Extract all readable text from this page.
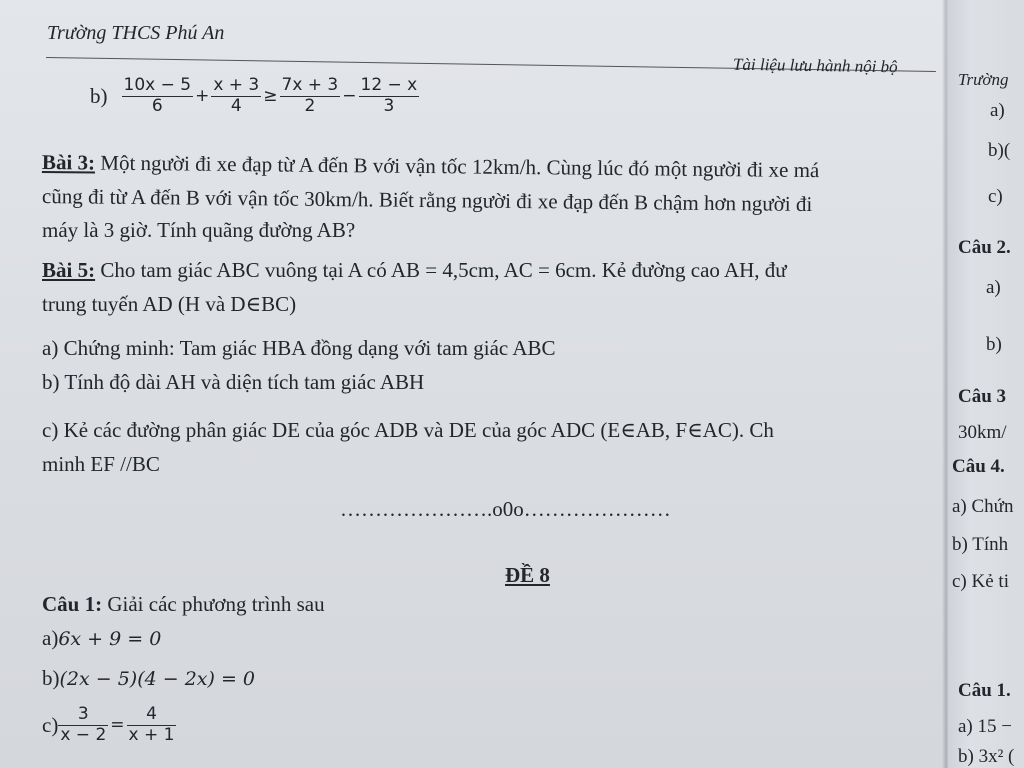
Trường THCS Phú An
Tài liệu lưu hành nội bộ
$b) \frac{10x - 5}{6} + \frac{x + 3}{4} \ge \frac{7x + 3}{2} - \frac{12 - x}{3}$
Bài 3: Một người đi xe đạp từ A đến B với vận tốc 12km/h. Cùng lúc đó một người đi xe má
cũng đi từ A đến B với vận tốc 30km/h. Biết rằng người đi xe đạp đến B chậm hơn người đi
máy là 3 giờ. Tính quãng đường AB?
Bài 5: Cho tam giác ABC vuông tại A có AB = 4,5cm, AC = 6cm. Kẻ đường cao AH, đư
trung tuyến AD (H và D∈BC)
a) Chứng minh: Tam giác HBA đồng dạng với tam giác ABC
b) Tính độ dài AH và diện tích tam giác ABH
c) Kẻ các đường phân giác DE của góc ADB và DE của góc ADC (E∈AB, F∈AC). Ch
minh EF //BC
………………….o0o…………………
ĐỀ 8
Câu 1: Giải các phương trình sau
a)6x + 9 = 0
b)(2x − 5)(4 − 2x) = 0
$c) \frac{3}{x - 2} = \frac{4}{x + 1}$
Trường
a)
b)(
c)
Câu 2.
a)
b)
Câu 3
30km/
Câu 4.
a) Chứn
b) Tính
c) Kẻ ti
Câu 1.
a) 15 −
b) 3x² (
